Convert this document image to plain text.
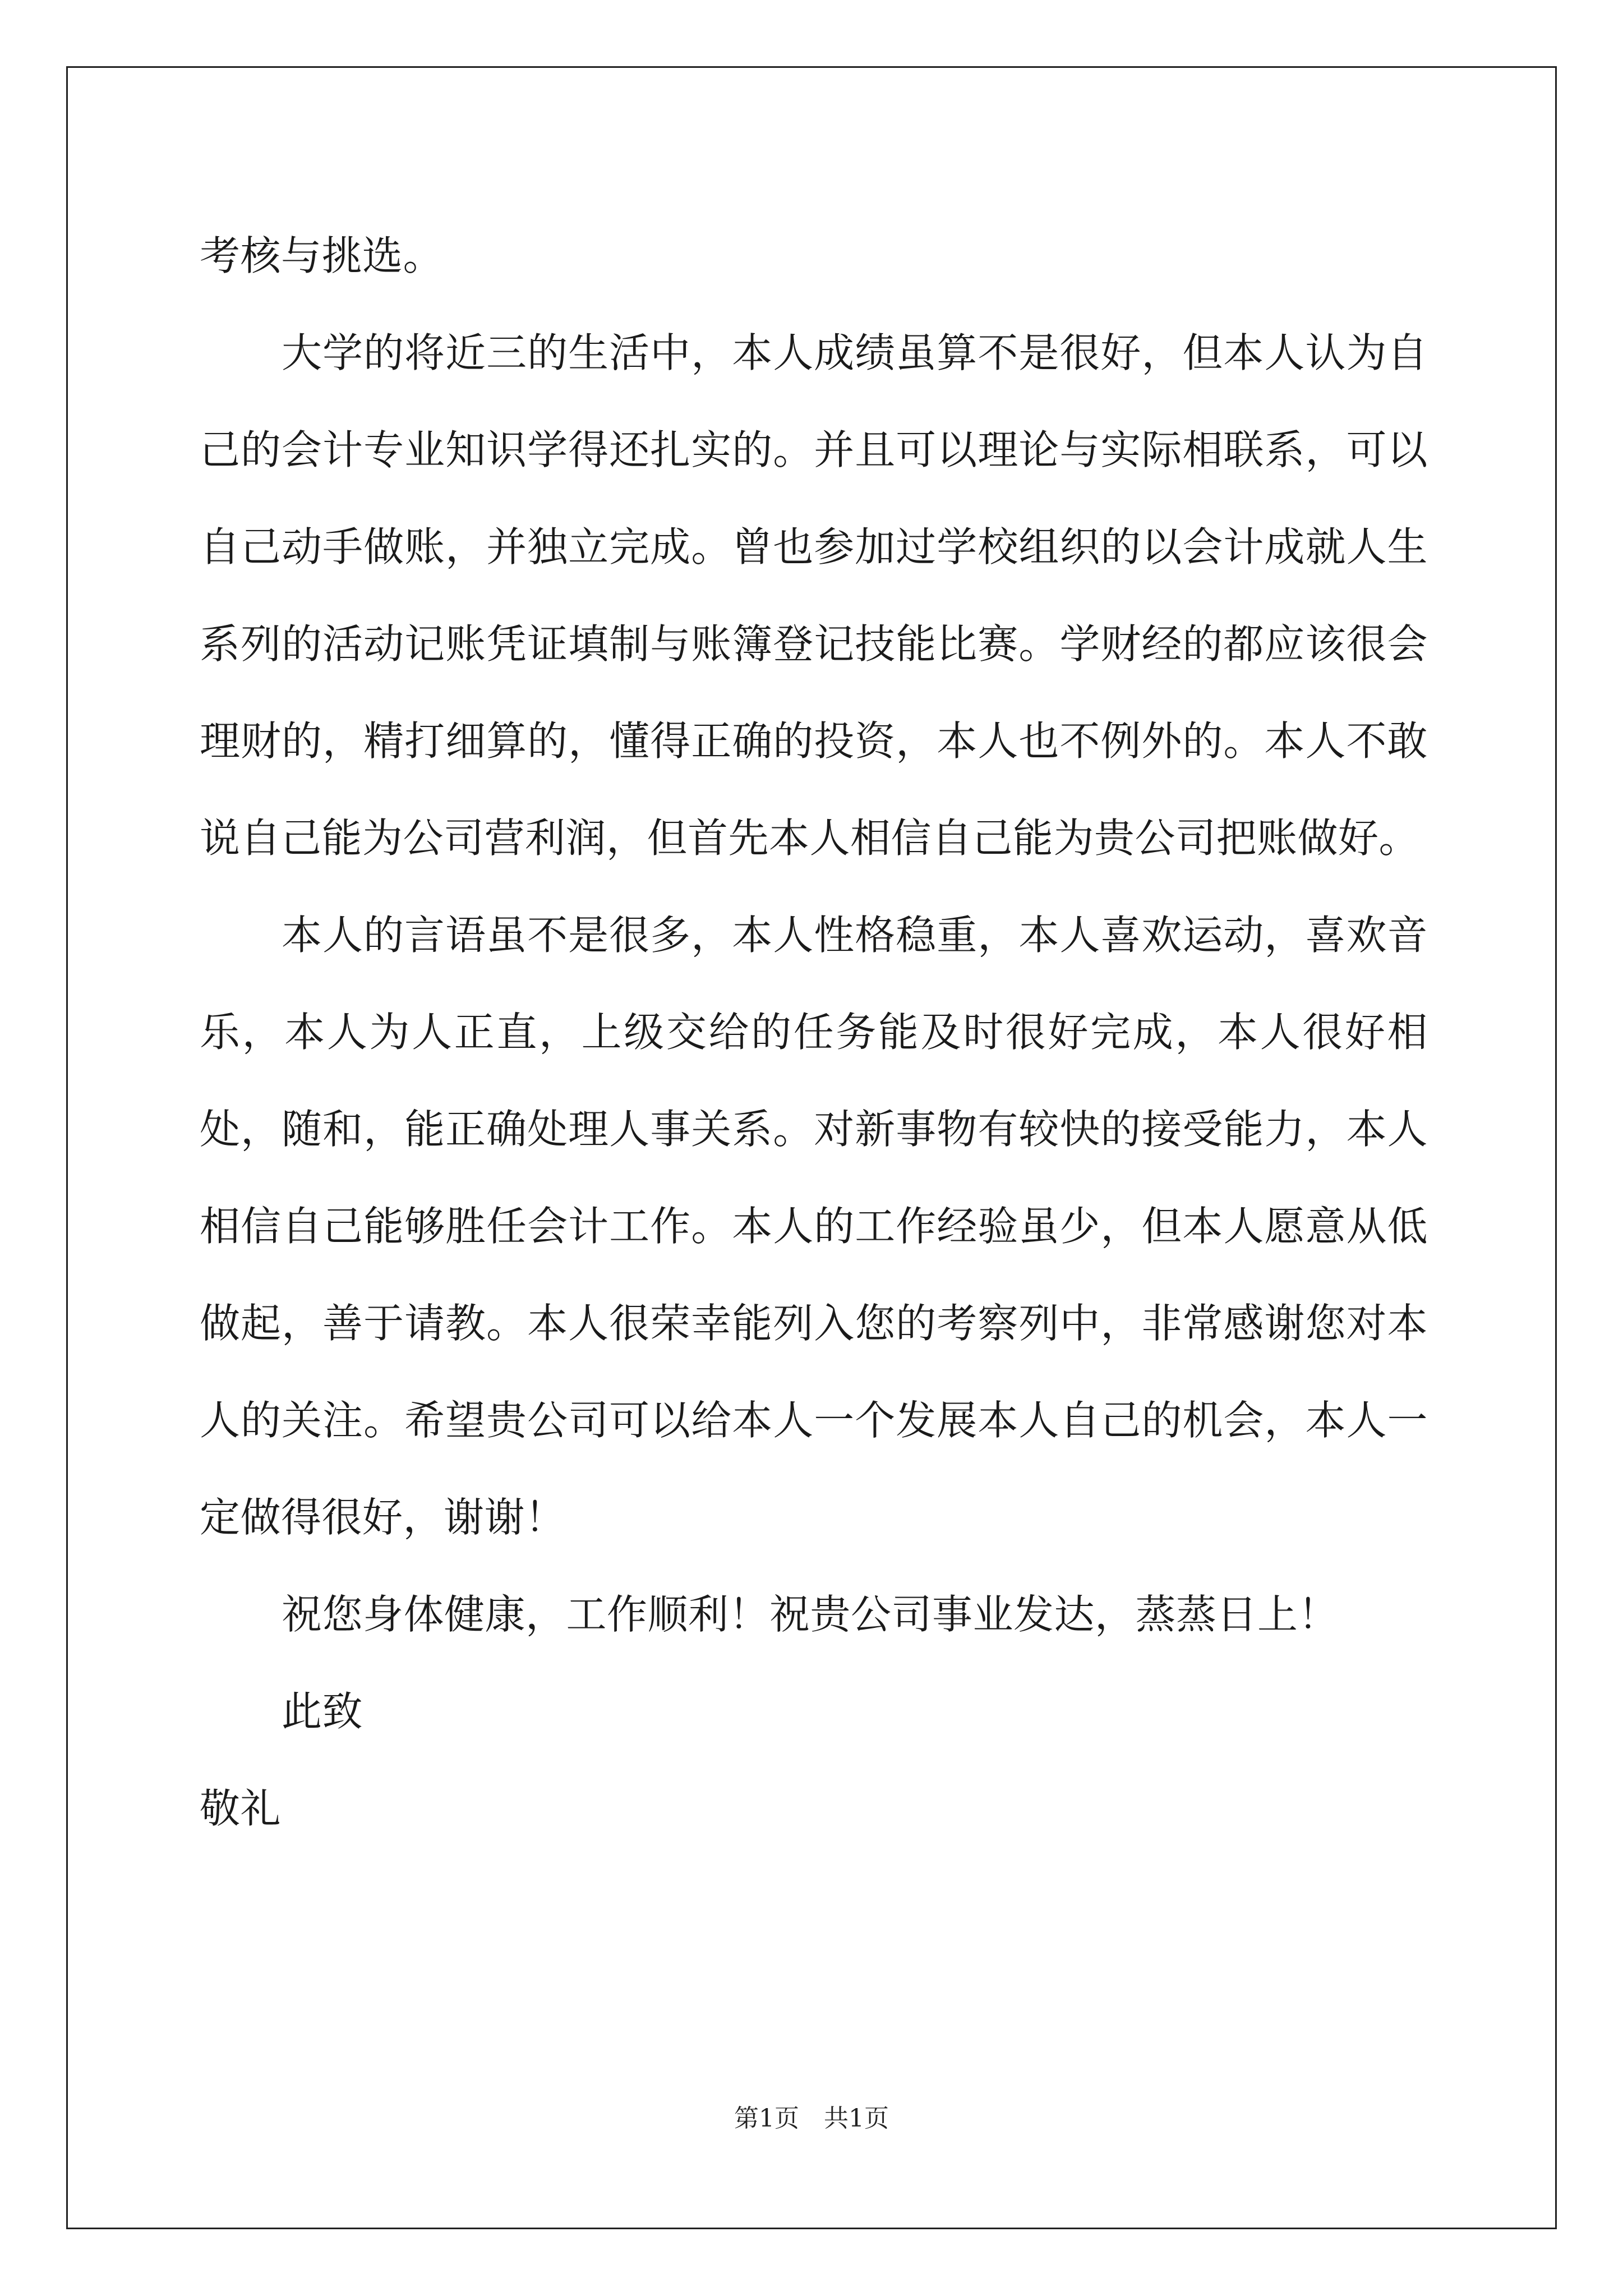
考核与挑选。

大学的将近三的生活中，本人成绩虽算不是很好，但本人认为自己的会计专业知识学得还扎实的。并且可以理论与实际相联系，可以自己动手做账，并独立完成。曾也参加过学校组织的以会计成就人生系列的活动记账凭证填制与账簿登记技能比赛。学财经的都应该很会理财的，精打细算的，懂得正确的投资，本人也不例外的。本人不敢说自己能为公司营利润，但首先本人相信自己能为贵公司把账做好。

本人的言语虽不是很多，本人性格稳重，本人喜欢运动，喜欢音乐，本人为人正直，上级交给的任务能及时很好完成，本人很好相处，随和，能正确处理人事关系。对新事物有较快的接受能力，本人相信自己能够胜任会计工作。本人的工作经验虽少，但本人愿意从低做起，善于请教。本人很荣幸能列入您的考察列中，非常感谢您对本人的关注。希望贵公司可以给本人一个发展本人自己的机会，本人一定做得很好，谢谢！

祝您身体健康，工作顺利！祝贵公司事业发达，蒸蒸日上！

此致

敬礼

第1页　共1页
